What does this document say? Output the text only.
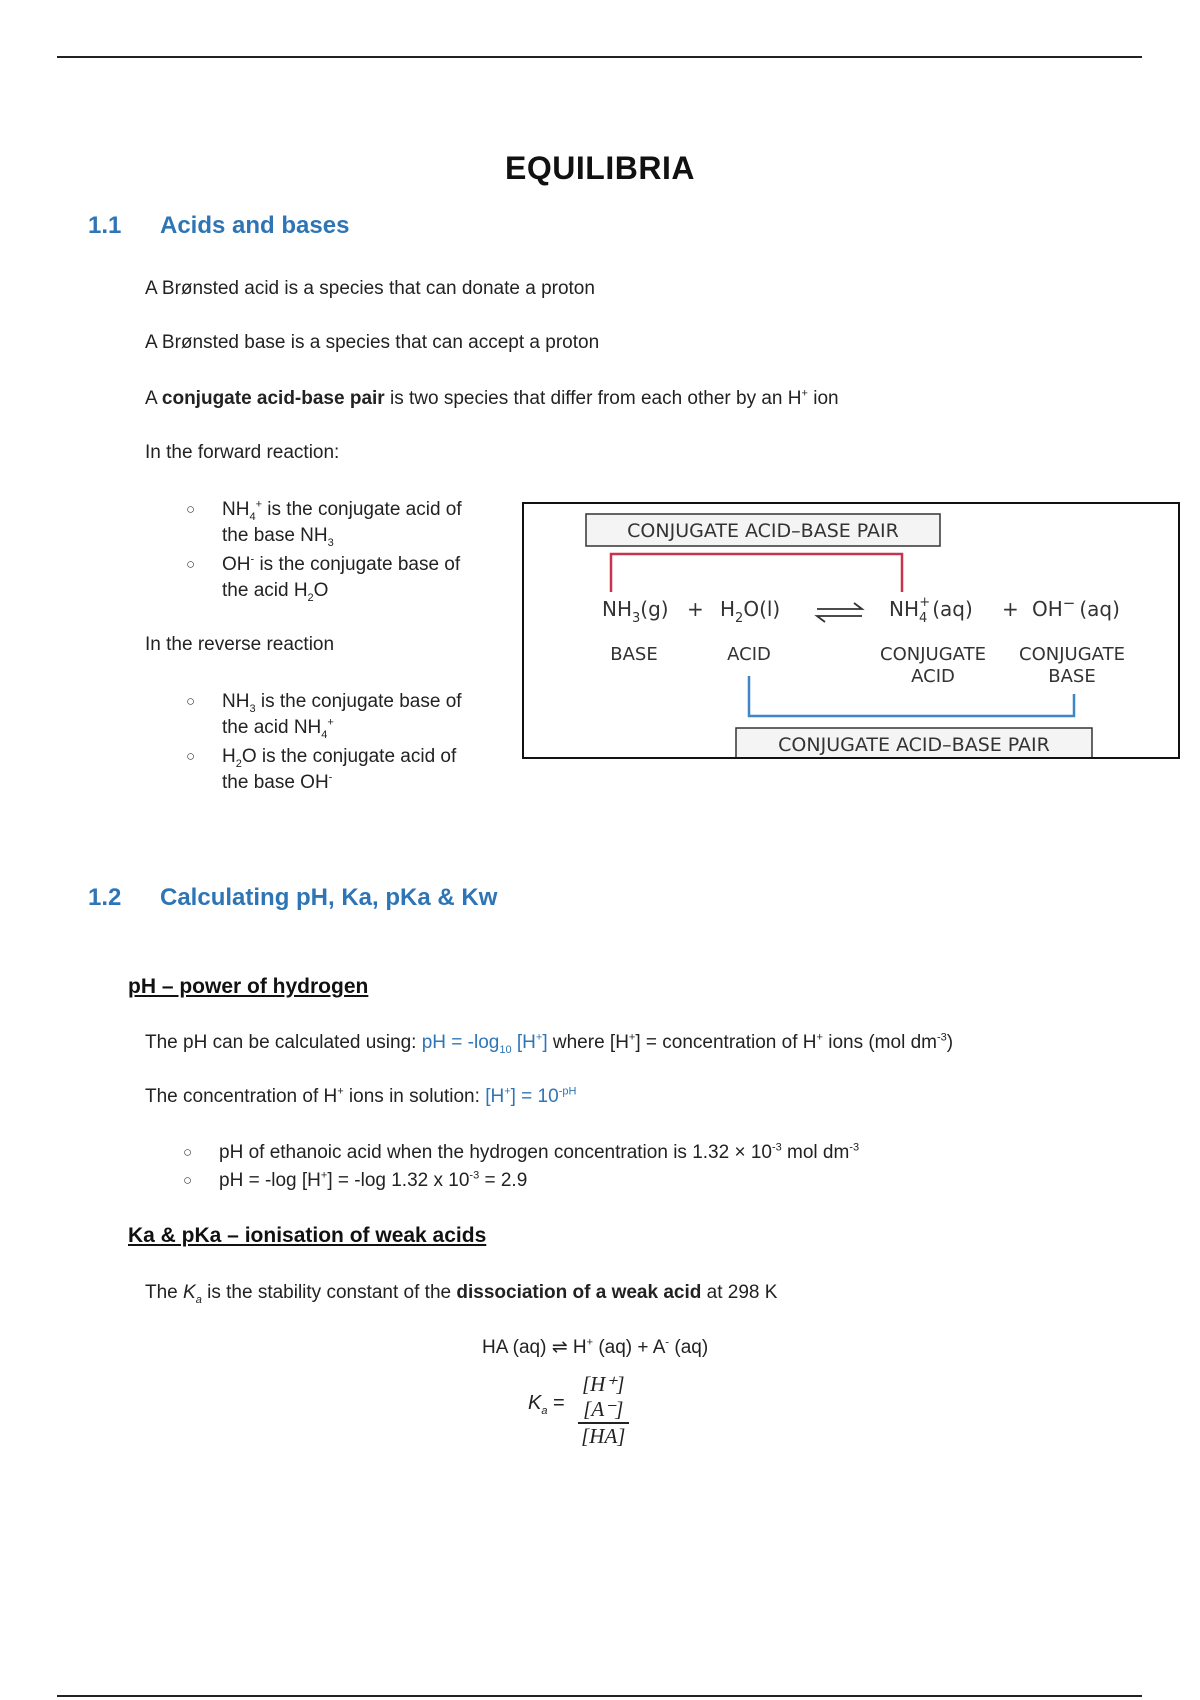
EQUILIBRIA
1.1 Acids and bases
A Brønsted acid is a species that can donate a proton
A Brønsted base is a species that can accept a proton
A conjugate acid-base pair is two species that differ from each other by an H+ ion
In the forward reaction:
○ $NH_4^+$ is the conjugate acid of
the base $NH_3$
○ OH- is the conjugate base of
the acid $H_2O$
In the reverse reaction
○ $NH_3$ is the conjugate base of
the acid $NH_4^+$
○ $H_2O$ is the conjugate acid of
the base OH-
CONJUGATE ACID–BASE PAIR
$NH_3(g) + H_2O(l)$	$NH_4+ (aq) + OH^-$ (aq)
BASE	ACID	CONJUGATE
ACID
CONJUGATE
BASE
CONJUGATE ACID–BASE PAIR
1.2 Calculating pH, Ka, pKa & Kw
pH – power of hydrogen
The pH can be calculated using: pH = $-\log_{10}$ [H+] where [H+] = concentration of H+ ions (mol $dm^{-3}$)
The concentration of H+ ions in solution: $[H^+] = 10^{-pH}$
○ pH of ethanoic acid when the hydrogen concentration is $1.32 \times 10^{-3}$ mol $dm^{-3}$
○ pH = -log [H+] = -log 1.32 x $10^{-3} = 2.9$
Ka & pKa – ionisation of weak acids
The $K_a$ is the stability constant of the dissociation of a weak acid at 298 K
HA (aq) ⇌ H+ (aq) + A- (aq)
$K_a = \frac{[H^+] [A^-]}{[HA]}$
